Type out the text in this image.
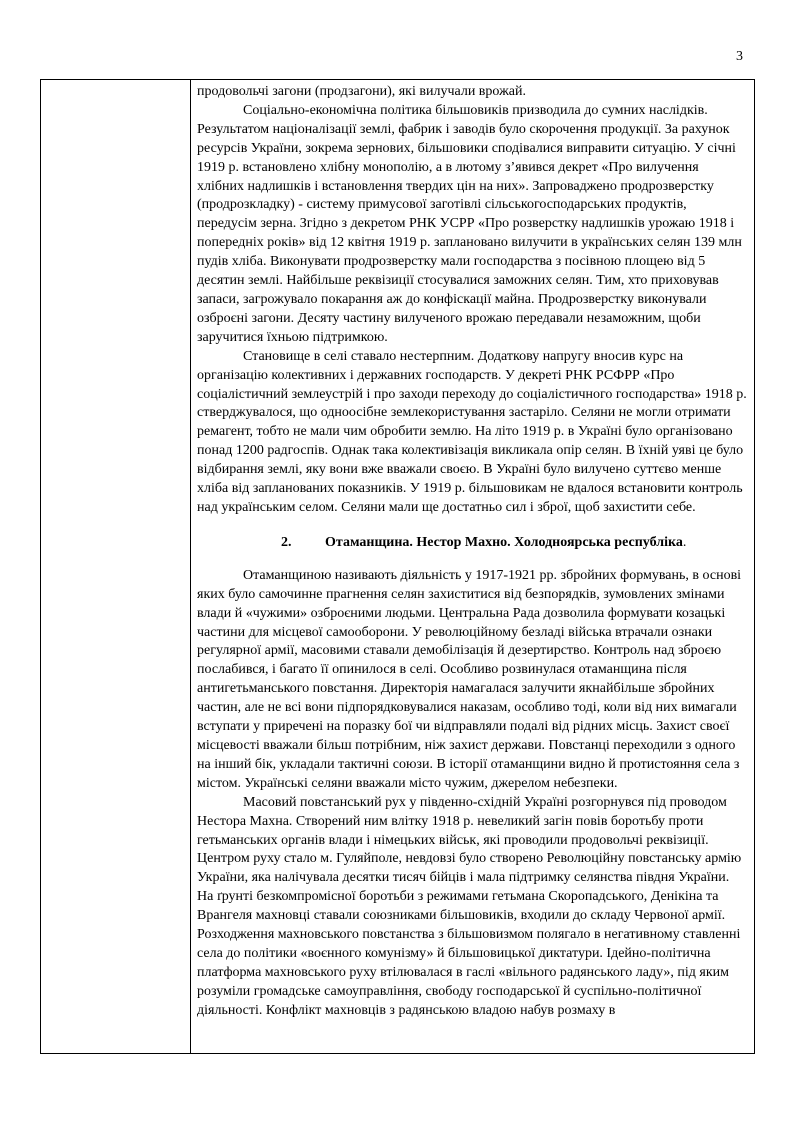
3

продовольчі загони (продзагони), які вилучали врожай.

Соціально-економічна політика більшовиків призводила до сумних наслідків. Результатом націоналізації землі, фабрик і заводів було скорочення продукції. За рахунок ресурсів України, зокрема зернових, більшовики сподівалися виправити ситуацію. У січні 1919 р. встановлено хлібну монополію, а в лютому з’явився декрет «Про вилучення хлібних надлишків і встановлення твердих цін на них». Запроваджено продрозверстку (продрозкладку) - систему примусової заготівлі сільськогосподарських продуктів, передусім зерна. Згідно з декретом РНК УСРР «Про розверстку надлишків урожаю 1918 і попередніх років» від 12 квітня 1919 р. заплановано вилучити в українських селян 139 млн пудів хліба. Виконувати продрозверстку мали господарства з посівною площею від 5 десятин землі. Найбільше реквізиції стосувалися заможних селян. Тим, хто приховував запаси, загрожувало покарання аж до конфіскації майна. Продрозверстку виконували озброєні загони. Десяту частину вилученого врожаю передавали незаможним, щоби заручитися їхньою підтримкою.

Становище в селі ставало нестерпним. Додаткову напругу вносив курс на організацію колективних і державних господарств. У декреті РНК РСФРР «Про соціалістичний землеустрій і про заходи переходу до соціалістичного господарства» 1918 р. стверджувалося, що одноосібне землекористування застаріло. Селяни не могли отримати ремагент, тобто не мали чим обробити землю. На літо 1919 р. в Україні було організовано понад 1200 радгоспів. Однак така колективізація викликала опір селян. В їхній уяві це було відбирання землі, яку вони вже вважали своєю. В Україні було вилучено суттєво менше хліба від запланованих показників. У 1919 р. більшовикам не вдалося встановити контроль над українським селом. Селяни мали ще достатньо сил і зброї, щоб захистити себе.

2. Отаманщина. Нестор Махно. Холодноярська республіка.

Отаманщиною називають діяльність у 1917-1921 рр. збройних формувань, в основі яких було самочинне прагнення селян захиститися від безпорядків, зумовлених змінами влади й «чужими» озброєними людьми. Центральна Рада дозволила формувати козацькі частини для місцевої самооборони. У революційному безладі війська втрачали ознаки регулярної армії, масовими ставали демобілізація й дезертирство. Контроль над зброєю послабився, і багато її опинилося в селі. Особливо розвинулася отаманщина після антигетьманського повстання. Директорія намагалася залучити якнайбільше збройних частин, але не всі вони підпорядковувалися наказам, особливо тоді, коли від них вимагали вступати у приречені на поразку бої чи відправляли подалі від рідних місць. Захист своєї місцевості вважали більш потрібним, ніж захист держави. Повстанці переходили з одного на інший бік, укладали тактичні союзи. В історії отаманщини видно й протистояння села з містом. Українські селяни вважали місто чужим, джерелом небезпеки.

Масовий повстанський рух у південно-східній Україні розгорнувся під проводом Нестора Махна. Створений ним влітку 1918 р. невеликий загін повів боротьбу проти гетьманських органів влади і німецьких військ, які проводили продовольчі реквізиції. Центром руху стало м. Гуляйполе, невдовзі було створено Революційну повстанську армію України, яка налічувала десятки тисяч бійців і мала підтримку селянства півдня України. На ґрунті безкомпромісної боротьби з режимами гетьмана Скоропадського, Денікіна та Врангеля махновці ставали союзниками більшовиків, входили до складу Червоної армії. Розходження махновського повстанства з більшовизмом полягало в негативному ставленні села до політики «воєнного комунізму» й більшовицької диктатури. Ідейно-політична платформа махновського руху втілювалася в гаслі «вільного радянського ладу», під яким розуміли громадське самоуправління, свободу господарської й суспільно-політичної діяльності. Конфлікт махновців з радянською владою набув розмаху в
